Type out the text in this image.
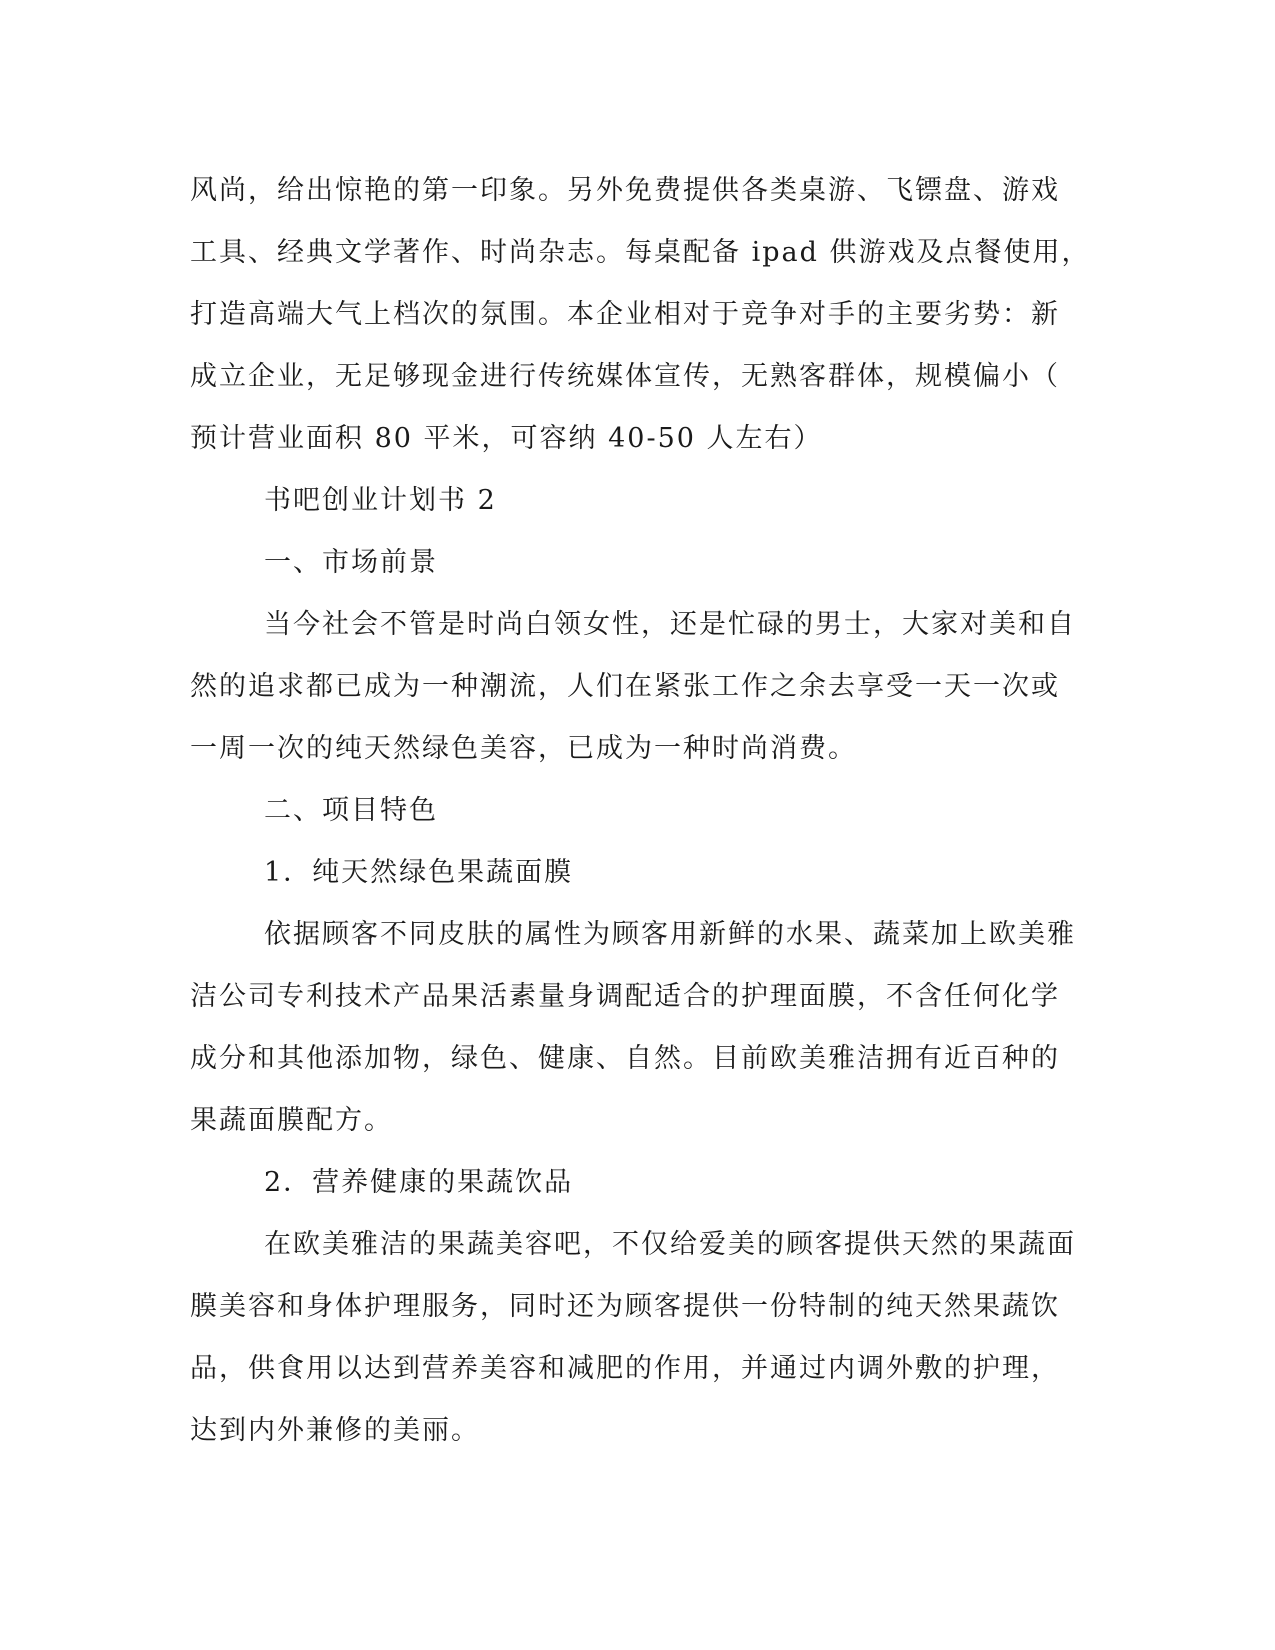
风尚，给出惊艳的第一印象。另外免费提供各类桌游、飞镖盘、游戏
工具、经典文学著作、时尚杂志。每桌配备 ipad 供游戏及点餐使用，
打造高端大气上档次的氛围。本企业相对于竞争对手的主要劣势：新
成立企业，无足够现金进行传统媒体宣传，无熟客群体，规模偏小（
预计营业面积 80 平米，可容纳 40-50 人左右）
书吧创业计划书 2
一、市场前景
当今社会不管是时尚白领女性，还是忙碌的男士，大家对美和自
然的追求都已成为一种潮流，人们在紧张工作之余去享受一天一次或
一周一次的纯天然绿色美容，已成为一种时尚消费。
二、项目特色
1．纯天然绿色果蔬面膜
依据顾客不同皮肤的属性为顾客用新鲜的水果、蔬菜加上欧美雅
洁公司专利技术产品果活素量身调配适合的护理面膜，不含任何化学
成分和其他添加物，绿色、健康、自然。目前欧美雅洁拥有近百种的
果蔬面膜配方。
2．营养健康的果蔬饮品
在欧美雅洁的果蔬美容吧，不仅给爱美的顾客提供天然的果蔬面
膜美容和身体护理服务，同时还为顾客提供一份特制的纯天然果蔬饮
品，供食用以达到营养美容和减肥的作用，并通过内调外敷的护理，
达到内外兼修的美丽。
